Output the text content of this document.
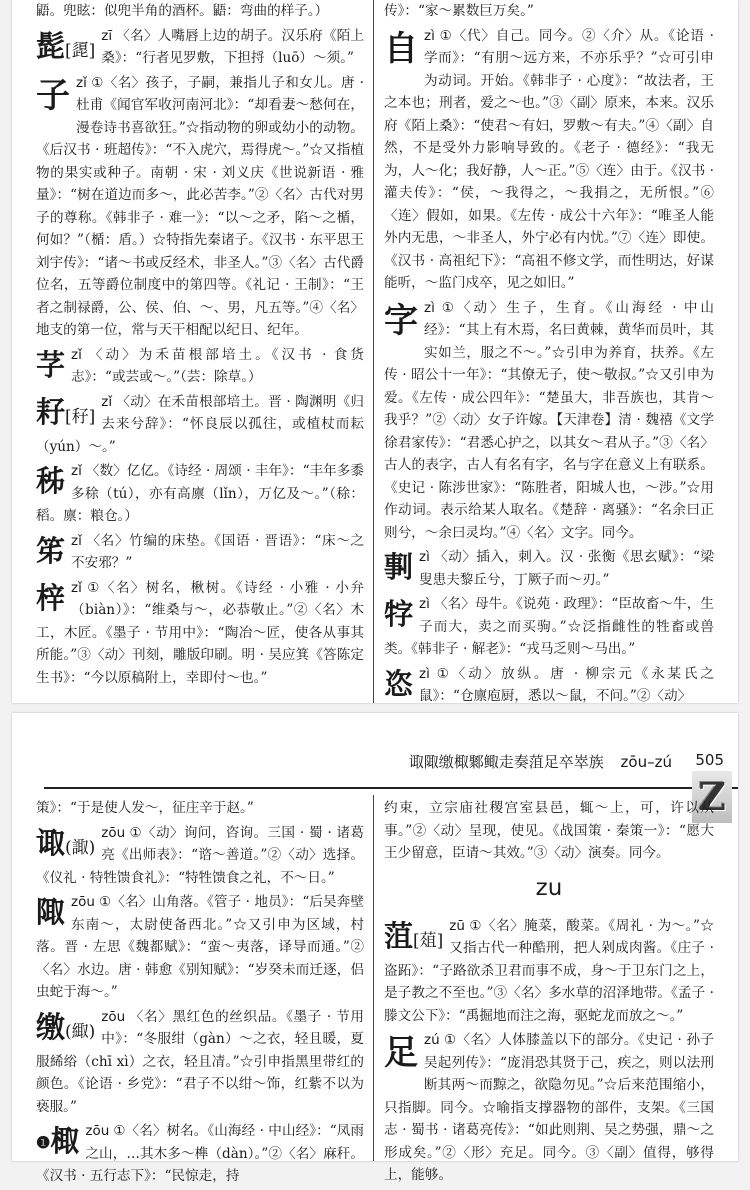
鼯。兜眩：似兜半角的酒杯。鼯：弯曲的样子。）
髭[頾]
zī 〈名〉人嘴唇上边的胡子。汉乐府《陌上桑》：“行者见罗敷，下担捋（luō）～须。”
子zǐ ①〈名〉孩子，子嗣，兼指儿子和女儿。唐 · 杜甫《闻官军收河南河北》：“却看妻～愁何在，漫卷诗书喜欲狂。”☆指动物的卵或幼小的动物。《后汉书 · 班超传》：“不入虎穴，焉得虎～。”☆又指植物的果实或种子。南朝 · 宋 · 刘义庆《世说新语 · 雅量》：“树在道边而多～，此必苦李。”②〈名〉古代对男子的尊称。《韩非子 · 难一》：“以～之矛，陷～之楯，何如？”（楯：盾。）☆特指先秦诸子。《汉书 · 东平思王刘宇传》：“诸～书或反经术，非圣人。”③〈名〉古代爵位名，五等爵位制度中的第四等。《礼记 · 王制》：“王者之制禄爵，公、侯、伯、～、男，凡五等。”④〈名〉地支的第一位，常与天干相配以纪日、纪年。
芓zǐ 〈动〉为禾苗根部培土。《汉书 · 食货志》：“或芸或～。”（芸：除草。）
耔[秄]
zǐ 〈动〉在禾苗根部培土。晋 · 陶渊明《归去来兮辞》：“怀良辰以孤往，或植杖而耘（yún）～。”
秭zǐ 〈数〉亿亿。《诗经 · 周颂 · 丰年》：“丰年多黍多稌（tú），亦有高廪（lǐn），万亿及～。”（稌：稻。廪：粮仓。）
笫zǐ 〈名〉竹编的床垫。《国语 · 晋语》：“床～之不安邪？”
梓zǐ ①〈名〉树名，楸树。《诗经 · 小雅 · 小弁（biàn）》：“维桑与～，必恭敬止。”②〈名〉木工，木匠。《墨子 · 节用中》：“陶冶～匠，使各从事其所能。”③〈动〉刊刻，雕版印刷。明 · 吴应箕《答陈定生书》：“今以原稿附上，幸即付～也。”
传》：“家～累数巨万矣。”
自zì ①〈代〉自己。同今。②〈介〉从。《论语 · 学而》：“有朋～远方来，不亦乐乎？”☆可引申为动词。开始。《韩非子 · 心度》：“故法者，王之本也；刑者，爱之～也。”③〈副〉原来，本来。汉乐府《陌上桑》：“使君～有妇，罗敷～有夫。”④〈副〉自然，不是受外力影响导致的。《老子 · 德经》：“我无为，人～化；我好静，人～正。”⑤〈连〉由于。《汉书 · 灌夫传》：“侯，～我得之，～我捐之，无所恨。”⑥〈连〉假如，如果。《左传 · 成公十六年》：“唯圣人能外内无患，～非圣人，外宁必有内忧。”⑦〈连〉即使。《汉书 · 高祖纪下》：“高祖不修文学，而性明达，好谋能听，～监门戍卒，见之如旧。”
字zì ①〈动〉生子，生育。《山海经 · 中山经》：“其上有木焉，名曰黄棘，黄华而员叶，其实如兰，服之不～。”☆引申为养育，扶养。《左传 · 昭公十一年》：“其僚无子，使～敬叔。”☆又引申为爱。《左传 · 成公四年》：“楚虽大，非吾族也，其肯～我乎？”②〈动〉女子许嫁。【天津卷】清 · 魏禧《文学徐君家传》：“君悉心护之，以其女～君从子。”③〈名〉古人的表字，古人有名有字，名与字在意义上有联系。《史记 · 陈涉世家》：“陈胜者，阳城人也，～涉。”☆用作动词。表示给某人取名。《楚辞 · 离骚》：“名余曰正则兮，～余曰灵均。”④〈名〉文字。同今。
剚zì 〈动〉插入，刺入。汉 · 张衡《思玄赋》：“梁叟患夫黎丘兮，丁厥子而～刃。”
牸zì 〈名〉母牛。《说苑 · 政理》：“臣故畜～牛，生子而大，卖之而买驹。”☆泛指雌性的牲畜或兽类。《韩非子 · 解老》：“戎马乏则～马出。”
恣zì ①〈动〉放纵。唐 · 柳宗元《永某氏之鼠》：“仓廪庖厨，悉以～鼠，不问。”②〈动〉
诹陬缴棷鄹鲰走奏菹足卒崒族 zōu–zú 505
Z
策》：“于是使人发～，征庄辛于赵。”
诹(諏)
zōu ①〈动〉询问，咨询。三国 · 蜀 · 诸葛亮《出师表》：“谘～善道。”②〈动〉选择。《仪礼 · 特牲馈食礼》：“特牲馈食之礼，不～日。”
陬zōu ①〈名〉山角落。《管子 · 地员》：“后吴奔壁东南～，太尉使备西北。”☆又引申为区域，村落。晋 · 左思《魏都赋》：“蛮～夷落，译导而通。”②〈名〉水边。唐 · 韩愈《别知赋》：“岁癸未而迁逐，侣虫蛇于海～。”
缴(緅)
zōu 〈名〉黑红色的丝织品。《墨子 · 节用中》：“冬服绀（gàn）～之衣，轻且暖，夏服絺绤（chī xì）之衣，轻且凊。”☆引申指黑里带红的颜色。《论语 · 乡党》：“君子不以绀～饰，红紫不以为亵服。”
❶棷 zōu ①〈名〉树名。《山海经 · 中山经》：“凤雨之山，…其木多～榫（dàn）。”②〈名〉麻秆。《汉书 · 五行志下》：“民惊走，持
约束，立宗庙社稷宫室县邑，辄～上，可，许以从事。”②〈动〉呈现，使见。《战国策 · 秦策一》：“愿大王少留意，臣请～其效。”③〈动〉演奏。同今。
zu
菹[葅]
zū ①〈名〉腌菜，酸菜。《周礼 · 为～。”☆又指古代一种酷刑，把人剁成肉酱。《庄子 · 盗跖》：“子路欲杀卫君而事不成，身～于卫东门之上，是子教之不至也。”③〈名〉多水草的沼泽地带。《孟子 · 滕文公下》：“禹掘地而注之海，驱蛇龙而放之～。”
足zú ①〈名〉人体膝盖以下的部分。《史记 · 孙子吴起列传》：“庞涓恐其贤于己，疾之，则以法刑断其两～而黥之，欲隐勿见。”☆后来范围缩小，只指脚。同今。☆喻指支撑器物的部件，支架。《三国志 · 蜀书 · 诸葛亮传》：“如此则荆、吴之势强，鼎～之形成矣。”②〈形〉充足。同今。③〈副〉值得，够得上，能够。
